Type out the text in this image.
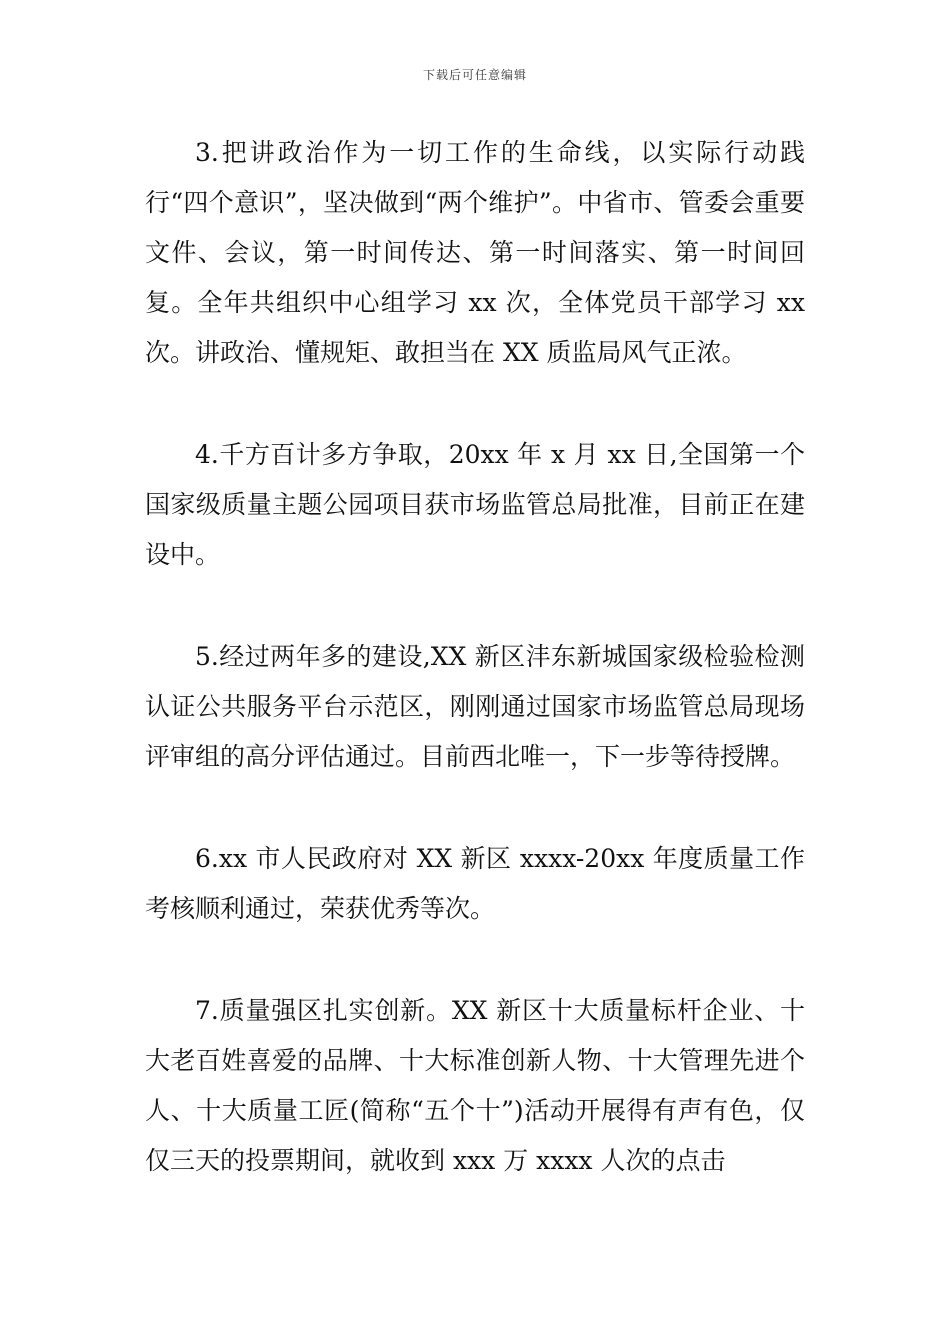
下载后可任意编辑

3.把讲政治作为一切工作的生命线，以实际行动践行“四个意识”，坚决做到“两个维护”。中省市、管委会重要文件、会议，第一时间传达、第一时间落实、第一时间回复。全年共组织中心组学习 xx 次，全体党员干部学习 xx 次。讲政治、懂规矩、敢担当在 XX 质监局风气正浓。

4.千方百计多方争取，20xx 年 x 月 xx 日,全国第一个国家级质量主题公园项目获市场监管总局批准，目前正在建设中。

5.经过两年多的建设,XX 新区沣东新城国家级检验检测认证公共服务平台示范区，刚刚通过国家市场监管总局现场评审组的高分评估通过。目前西北唯一，下一步等待授牌。

6.xx 市人民政府对 XX 新区 xxxx-20xx 年度质量工作考核顺利通过，荣获优秀等次。

7.质量强区扎实创新。XX 新区十大质量标杆企业、十大老百姓喜爱的品牌、十大标准创新人物、十大管理先进个人、十大质量工匠(简称“五个十”)活动开展得有声有色，仅仅三天的投票期间，就收到 xxx 万 xxxx 人次的点击
